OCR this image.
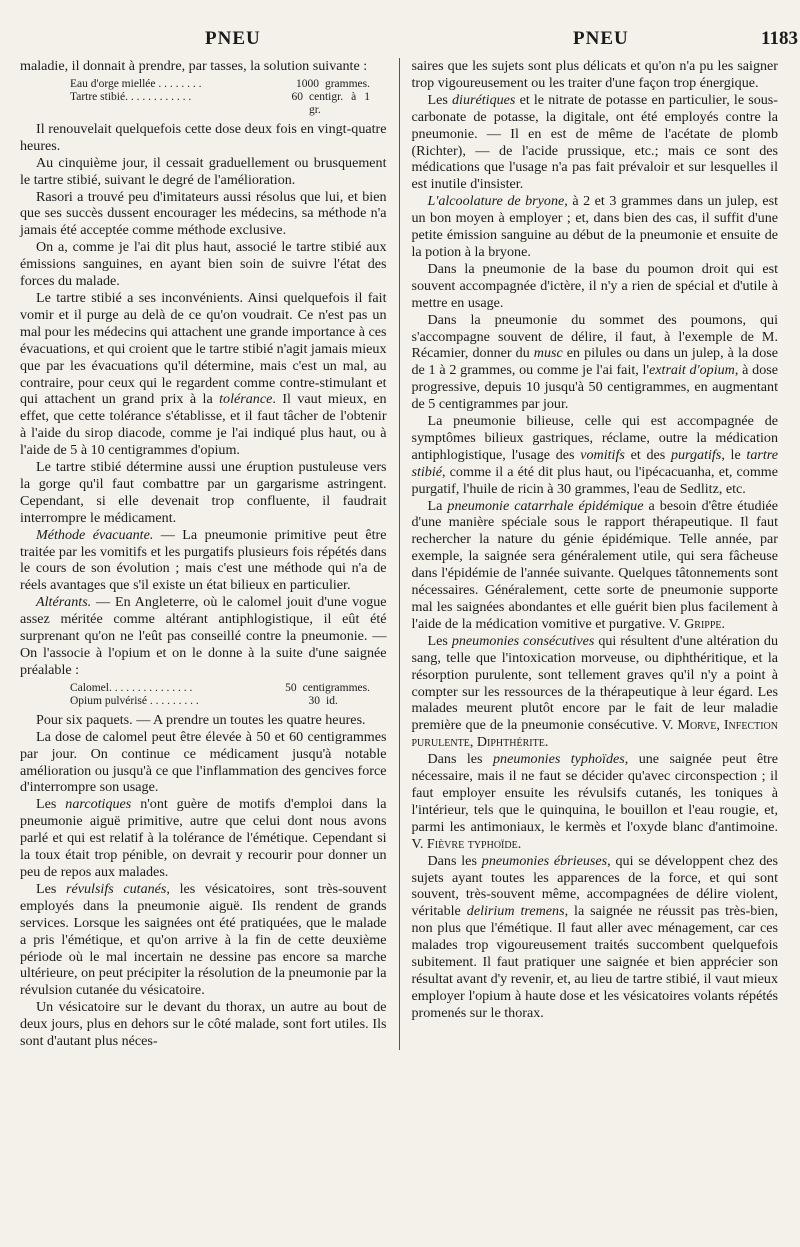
PNEU	PNEU	1183

maladie, il donnait à prendre, par tasses, la solution suivante :

Eau d'orge miellée . . . . . . . .	1000 grammes.
Tartre stibié. . . . . . . . . . . .	60 centigr. à 1 gr.

Il renouvelait quelquefois cette dose deux fois en vingt-quatre heures.

Au cinquième jour, il cessait graduellement ou brusquement le tartre stibié, suivant le degré de l'amélioration.

Rasori a trouvé peu d'imitateurs aussi résolus que lui, et bien que ses succès dussent encourager les médecins, sa méthode n'a jamais été acceptée comme méthode exclusive.

On a, comme je l'ai dit plus haut, associé le tartre stibié aux émissions sanguines, en ayant bien soin de suivre l'état des forces du malade.

Le tartre stibié a ses inconvénients. Ainsi quelquefois il fait vomir et il purge au delà de ce qu'on voudrait. Ce n'est pas un mal pour les médecins qui attachent une grande importance à ces évacuations, et qui croient que le tartre stibié n'agit jamais mieux que par les évacuations qu'il détermine, mais c'est un mal, au contraire, pour ceux qui le regardent comme contre-stimulant et qui attachent un grand prix à la tolérance. Il vaut mieux, en effet, que cette tolérance s'établisse, et il faut tâcher de l'obtenir à l'aide du sirop diacode, comme je l'ai indiqué plus haut, ou à l'aide de 5 à 10 centigrammes d'opium.

Le tartre stibié détermine aussi une éruption pustuleuse vers la gorge qu'il faut combattre par un gargarisme astringent. Cependant, si elle devenait trop confluente, il faudrait interrompre le médicament.

Méthode évacuante. — La pneumonie primitive peut être traitée par les vomitifs et les purgatifs plusieurs fois répétés dans le cours de son évolution ; mais c'est une méthode qui n'a de réels avantages que s'il existe un état bilieux en particulier.

Altérants. — En Angleterre, où le calomel jouit d'une vogue assez méritée comme altérant antiphlogistique, il eût été surprenant qu'on ne l'eût pas conseillé contre la pneumonie. — On l'associe à l'opium et on le donne à la suite d'une saignée préalable :

Calomel. . . . . . . . . . . . . . .	50 centigrammes.
Opium pulvérisé . . . . . . . . .	30 id.

Pour six paquets. — A prendre un toutes les quatre heures.

La dose de calomel peut être élevée à 50 et 60 centigrammes par jour. On continue ce médicament jusqu'à notable amélioration ou jusqu'à ce que l'inflammation des gencives force d'interrompre son usage.

Les narcotiques n'ont guère de motifs d'emploi dans la pneumonie aiguë primitive, autre que celui dont nous avons parlé et qui est relatif à la tolérance de l'émétique. Cependant si la toux était trop pénible, on devrait y recourir pour donner un peu de repos aux malades.

Les révulsifs cutanés, les vésicatoires, sont très-souvent employés dans la pneumonie aiguë. Ils rendent de grands services. Lorsque les saignées ont été pratiquées, que le malade a pris l'émétique, et qu'on arrive à la fin de cette deuxième période où le mal incertain ne dessine pas encore sa marche ultérieure, on peut précipiter la résolution de la pneumonie par la révulsion cutanée du vésicatoire.

Un vésicatoire sur le devant du thorax, un autre au bout de deux jours, plus en dehors sur le côté malade, sont fort utiles. Ils sont d'autant plus néces-

saires que les sujets sont plus délicats et qu'on n'a pu les saigner trop vigoureusement ou les traiter d'une façon trop énergique.

Les diurétiques et le nitrate de potasse en particulier, le sous-carbonate de potasse, la digitale, ont été employés contre la pneumonie. — Il en est de même de l'acétate de plomb (Richter), — de l'acide prussique, etc.; mais ce sont des médications que l'usage n'a pas fait prévaloir et sur lesquelles il est inutile d'insister.

L'alcoolature de bryone, à 2 et 3 grammes dans un julep, est un bon moyen à employer ; et, dans bien des cas, il suffit d'une petite émission sanguine au début de la pneumonie et ensuite de la potion à la bryone.

Dans la pneumonie de la base du poumon droit qui est souvent accompagnée d'ictère, il n'y a rien de spécial et d'utile à mettre en usage.

Dans la pneumonie du sommet des poumons, qui s'accompagne souvent de délire, il faut, à l'exemple de M. Récamier, donner du musc en pilules ou dans un julep, à la dose de 1 à 2 grammes, ou comme je l'ai fait, l'extrait d'opium, à dose progressive, depuis 10 jusqu'à 50 centigrammes, en augmentant de 5 centigrammes par jour.

La pneumonie bilieuse, celle qui est accompagnée de symptômes bilieux gastriques, réclame, outre la médication antiphlogistique, l'usage des vomitifs et des purgatifs, le tartre stibié, comme il a été dit plus haut, ou l'ipécacuanha, et, comme purgatif, l'huile de ricin à 30 grammes, l'eau de Sedlitz, etc.

La pneumonie catarrhale épidémique a besoin d'être étudiée d'une manière spéciale sous le rapport thérapeutique. Il faut rechercher la nature du génie épidémique. Telle année, par exemple, la saignée sera généralement utile, qui sera fâcheuse dans l'épidémie de l'année suivante. Quelques tâtonnements sont nécessaires. Généralement, cette sorte de pneumonie supporte mal les saignées abondantes et elle guérit bien plus facilement à l'aide de la médication vomitive et purgative. V. Grippe.

Les pneumonies consécutives qui résultent d'une altération du sang, telle que l'intoxication morveuse, ou diphthéritique, et la résorption purulente, sont tellement graves qu'il n'y a point à compter sur les ressources de la thérapeutique à leur égard. Les malades meurent plutôt encore par le fait de leur maladie première que de la pneumonie consécutive. V. Morve, Infection purulente, Diphthérite.

Dans les pneumonies typhoïdes, une saignée peut être nécessaire, mais il ne faut se décider qu'avec circonspection ; il faut employer ensuite les révulsifs cutanés, les toniques à l'intérieur, tels que le quinquina, le bouillon et l'eau rougie, et, parmi les antimoniaux, le kermès et l'oxyde blanc d'antimoine. V. Fièvre typhoïde.

Dans les pneumonies ébrieuses, qui se développent chez des sujets ayant toutes les apparences de la force, et qui sont souvent, très-souvent même, accompagnées de délire violent, véritable delirium tremens, la saignée ne réussit pas très-bien, non plus que l'émétique. Il faut aller avec ménagement, car ces malades trop vigoureusement traités succombent quelquefois subitement. Il faut pratiquer une saignée et bien apprécier son résultat avant d'y revenir, et, au lieu de tartre stibié, il vaut mieux employer l'opium à haute dose et les vésicatoires volants répétés promenés sur le thorax.
